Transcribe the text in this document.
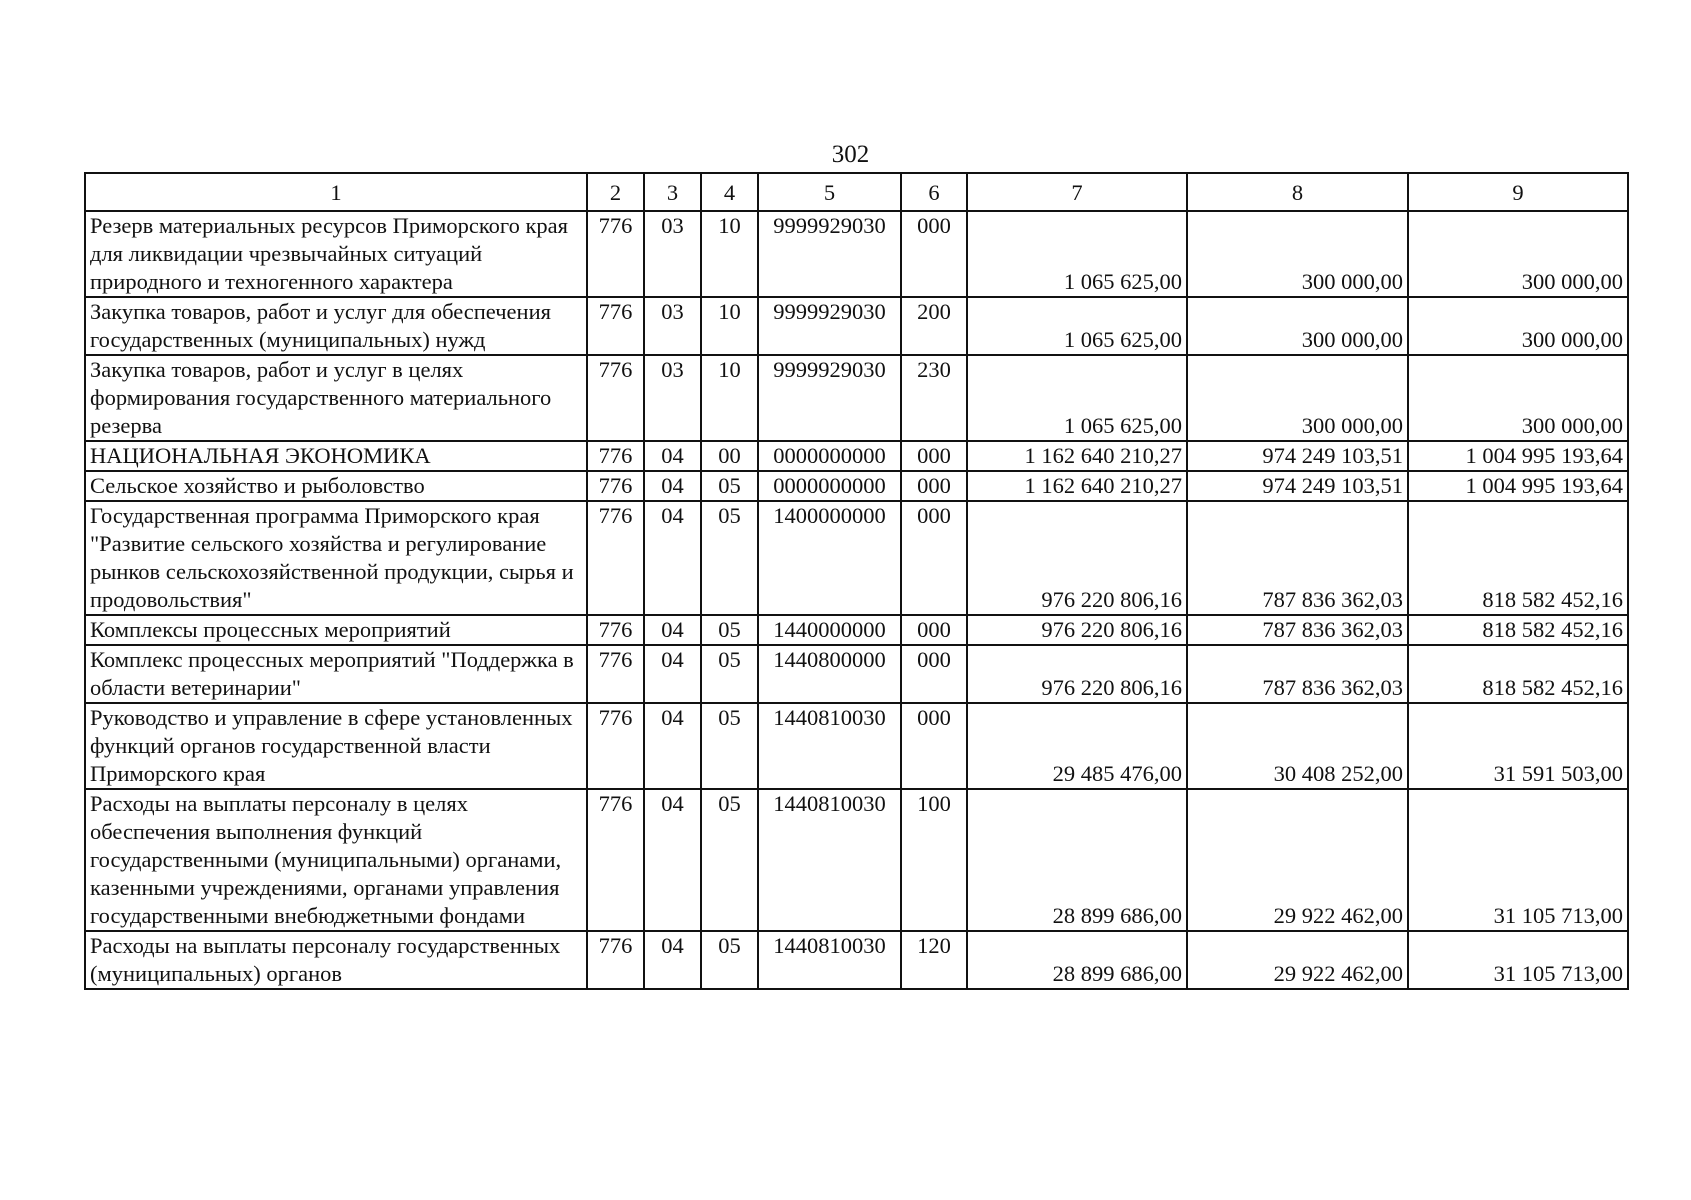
302
1	2	3	4	5	6	7	8	9
Резерв материальных ресурсов Приморского края для ликвидации чрезвычайных ситуаций природного и техногенного характера	776	03	10	9999929030	000	1 065 625,00	300 000,00	300 000,00
Закупка товаров, работ и услуг для обеспечения государственных (муниципальных) нужд	776	03	10	9999929030	200	1 065 625,00	300 000,00	300 000,00
Закупка товаров, работ и услуг в целях формирования государственного материального резерва	776	03	10	9999929030	230	1 065 625,00	300 000,00	300 000,00
НАЦИОНАЛЬНАЯ ЭКОНОМИКА	776	04	00	0000000000	000	1 162 640 210,27	974 249 103,51	1 004 995 193,64
Сельское хозяйство и рыболовство	776	04	05	0000000000	000	1 162 640 210,27	974 249 103,51	1 004 995 193,64
Государственная программа Приморского края "Развитие сельского хозяйства и регулирование рынков сельскохозяйственной продукции, сырья и продовольствия"	776	04	05	1400000000	000	976 220 806,16	787 836 362,03	818 582 452,16
Комплексы процессных мероприятий	776	04	05	1440000000	000	976 220 806,16	787 836 362,03	818 582 452,16
Комплекс процессных мероприятий "Поддержка в области ветеринарии"	776	04	05	1440800000	000	976 220 806,16	787 836 362,03	818 582 452,16
Руководство и управление в сфере установленных функций органов государственной власти Приморского края	776	04	05	1440810030	000	29 485 476,00	30 408 252,00	31 591 503,00
Расходы на выплаты персоналу в целях обеспечения выполнения функций государственными (муниципальными) органами, казенными учреждениями, органами управления государственными внебюджетными фондами	776	04	05	1440810030	100	28 899 686,00	29 922 462,00	31 105 713,00
Расходы на выплаты персоналу государственных (муниципальных) органов	776	04	05	1440810030	120	28 899 686,00	29 922 462,00	31 105 713,00
